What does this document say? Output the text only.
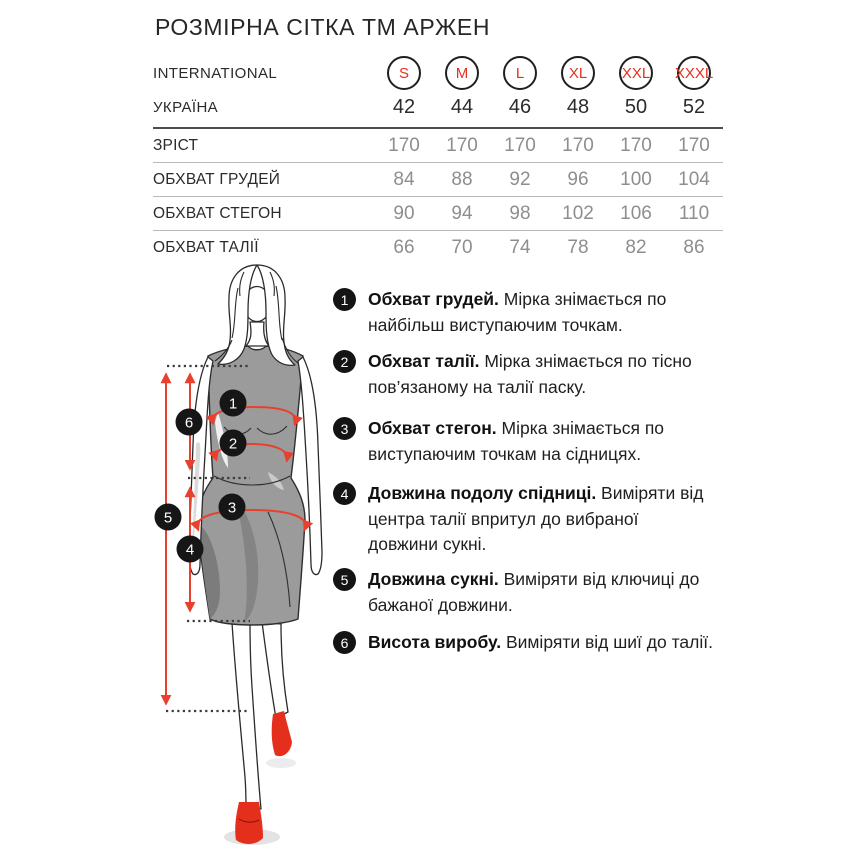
РОЗМІРНА СІТКА ТМ АРЖЕН
INTERNATIONAL	S	M	L	XL XXL XXXL
УКРАЇНА	42	44	46	48	50	52
ЗРІСТ	170	170	170	170	170	170
ОБХВАТ ГРУДЕЙ	84	88	92	96	100	104
ОБХВАТ СТЕГОН	90	94	98	102	106	110
ОБХВАТ ТАЛІЇ	66	70	74	78	82	86
1
2
3
4
5
6
1	Обхват грудей. Мірка знімається по найбільш виступаючим точкам.
2	Обхват талії. Мірка знімається по тісно пов’язаному на талії паску.
3	Обхват стегон. Мірка знімається по виступаючим точкам на сідницях.
4	Довжина подолу спідниці. Виміряти від центра талії впритул до вибраної довжини сукні.
5	Довжина сукні. Виміряти від ключиці до бажаної довжини.
6	Висота виробу. Виміряти від шиї до талії.
